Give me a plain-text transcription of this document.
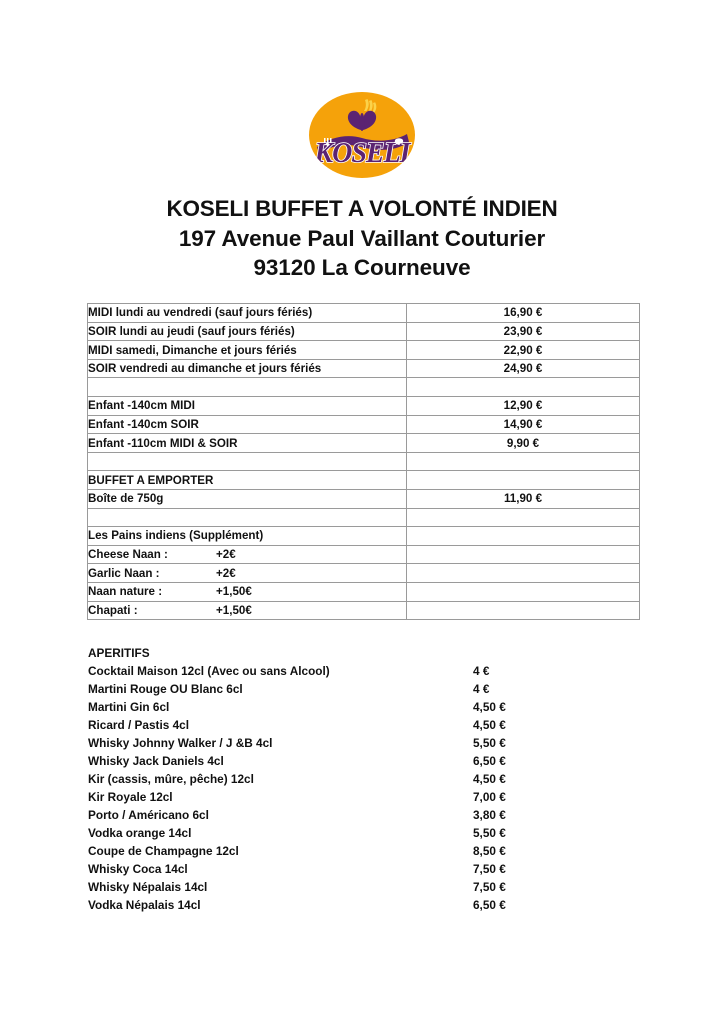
KOSELI
KOSELI BUFFET A VOLONTÉ INDIEN
197 Avenue Paul Vaillant Couturier
93120 La Courneuve
MIDI lundi au vendredi (sauf jours fériés)	16,90 €
SOIR lundi au jeudi (sauf jours fériés)	23,90 €
MIDI samedi, Dimanche et jours fériés	22,90 €
SOIR vendredi au dimanche et jours fériés	24,90 €

Enfant -140cm MIDI	12,90 €
Enfant -140cm SOIR	14,90 €
Enfant -110cm MIDI & SOIR	9,90 €

BUFFET A EMPORTER	
Boîte de 750g	11,90 €

Les Pains indiens (Supplément)	
Cheese Naan : +2€	
Garlic Naan : +2€	
Naan nature : +1,50€	
Chapati : +1,50€	
APERITIFS
Cocktail Maison 12cl (Avec ou sans Alcool)	4 €
Martini Rouge OU Blanc 6cl	4 €
Martini Gin 6cl	4,50 €
Ricard / Pastis 4cl	4,50 €
Whisky Johnny Walker / J &B 4cl	5,50 €
Whisky Jack Daniels 4cl	6,50 €
Kir (cassis, mûre, pêche) 12cl	4,50 €
Kir Royale 12cl	7,00 €
Porto / Américano 6cl	3,80 €
Vodka orange 14cl	5,50 €
Coupe de Champagne 12cl	8,50 €
Whisky Coca 14cl	7,50 €
Whisky Népalais 14cl	7,50 €
Vodka Népalais 14cl	6,50 €
